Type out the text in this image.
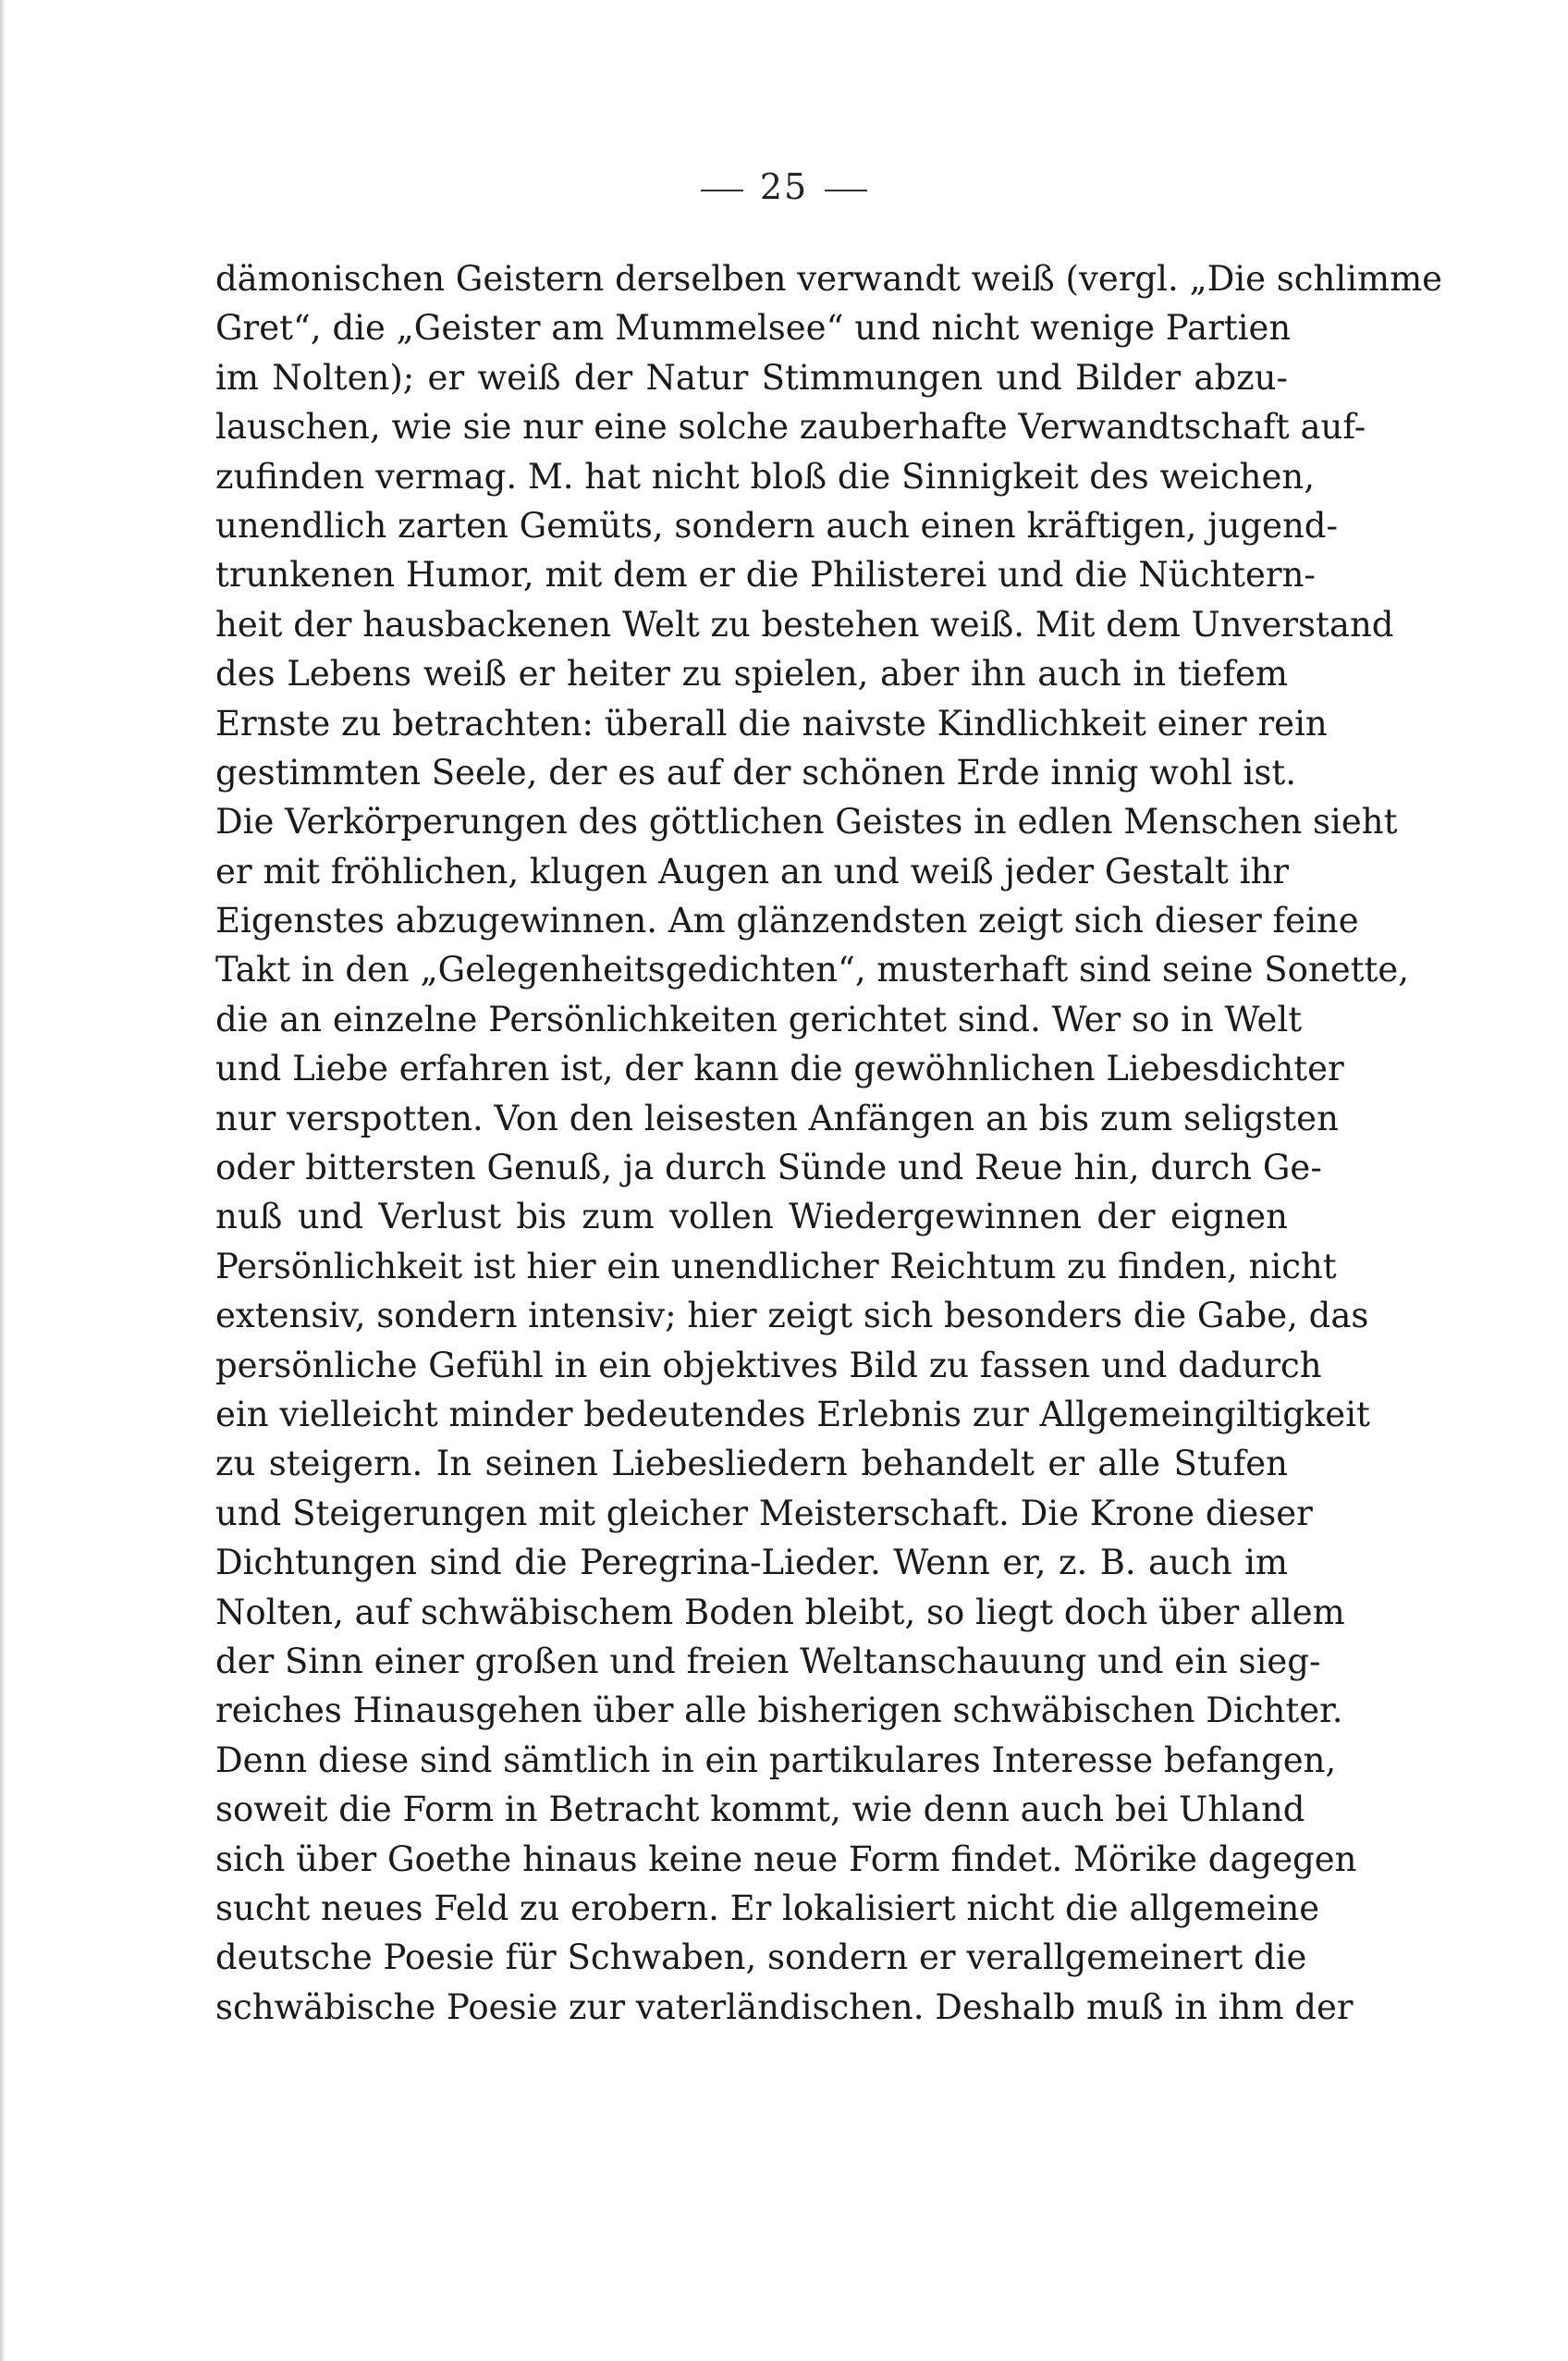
25
dämonischen Geistern derselben verwandt weiß (vergl. „Die schlimme
Gret“, die „Geister am Mummelsee“ und nicht wenige Partien
im Nolten); er weiß der Natur Stimmungen und Bilder abzu-
lauschen, wie sie nur eine solche zauberhafte Verwandtschaft auf-
zufinden vermag. M. hat nicht bloß die Sinnigkeit des weichen,
unendlich zarten Gemüts, sondern auch einen kräftigen, jugend-
trunkenen Humor, mit dem er die Philisterei und die Nüchtern-
heit der hausbackenen Welt zu bestehen weiß. Mit dem Unverstand
des Lebens weiß er heiter zu spielen, aber ihn auch in tiefem
Ernste zu betrachten: überall die naivste Kindlichkeit einer rein
gestimmten Seele, der es auf der schönen Erde innig wohl ist.
Die Verkörperungen des göttlichen Geistes in edlen Menschen sieht
er mit fröhlichen, klugen Augen an und weiß jeder Gestalt ihr
Eigenstes abzugewinnen. Am glänzendsten zeigt sich dieser feine
Takt in den „Gelegenheitsgedichten“, musterhaft sind seine Sonette,
die an einzelne Persönlichkeiten gerichtet sind. Wer so in Welt
und Liebe erfahren ist, der kann die gewöhnlichen Liebesdichter
nur verspotten. Von den leisesten Anfängen an bis zum seligsten
oder bittersten Genuß, ja durch Sünde und Reue hin, durch Ge-
nuß und Verlust bis zum vollen Wiedergewinnen der eignen
Persönlichkeit ist hier ein unendlicher Reichtum zu finden, nicht
extensiv, sondern intensiv; hier zeigt sich besonders die Gabe, das
persönliche Gefühl in ein objektives Bild zu fassen und dadurch
ein vielleicht minder bedeutendes Erlebnis zur Allgemeingiltigkeit
zu steigern. In seinen Liebesliedern behandelt er alle Stufen
und Steigerungen mit gleicher Meisterschaft. Die Krone dieser
Dichtungen sind die Peregrina-Lieder. Wenn er, z. B. auch im
Nolten, auf schwäbischem Boden bleibt, so liegt doch über allem
der Sinn einer großen und freien Weltanschauung und ein sieg-
reiches Hinausgehen über alle bisherigen schwäbischen Dichter.
Denn diese sind sämtlich in ein partikulares Interesse befangen,
soweit die Form in Betracht kommt, wie denn auch bei Uhland
sich über Goethe hinaus keine neue Form findet. Mörike dagegen
sucht neues Feld zu erobern. Er lokalisiert nicht die allgemeine
deutsche Poesie für Schwaben, sondern er verallgemeinert die
schwäbische Poesie zur vaterländischen. Deshalb muß in ihm der
